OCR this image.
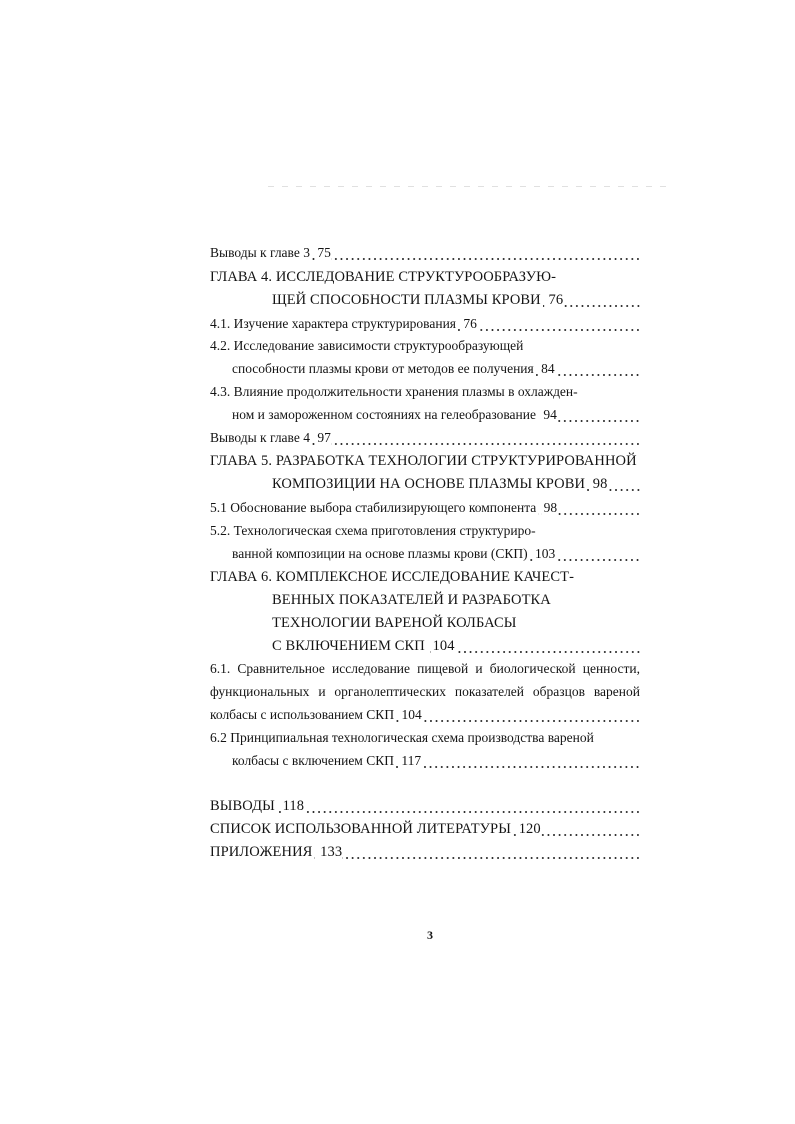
Выводы к главе 3 75
ГЛАВА 4. ИССЛЕДОВАНИЕ СТРУКТУРООБРАЗУЮ-
ЩЕЙ СПОСОБНОСТИ ПЛАЗМЫ КРОВИ 76
4.1. Изучение характера структурирования 76
4.2. Исследование зависимости структурообразующей
способности плазмы крови от методов ее получения 84
4.3. Влияние продолжительности хранения плазмы в охлажден-
ном и замороженном состояниях на гелеобразование 94
Выводы к главе 4 97
ГЛАВА 5. РАЗРАБОТКА ТЕХНОЛОГИИ СТРУКТУРИРОВАННОЙ
КОМПОЗИЦИИ НА ОСНОВЕ ПЛАЗМЫ КРОВИ 98
5.1 Обоснование выбора стабилизирующего компонента 98
5.2. Технологическая схема приготовления структуриро-
ванной композиции на основе плазмы крови (СКП) 103
ГЛАВА 6. КОМПЛЕКСНОЕ ИССЛЕДОВАНИЕ КАЧЕСТ-
ВЕННЫХ ПОКАЗАТЕЛЕЙ И РАЗРАБОТКА
ТЕХНОЛОГИИ ВАРЕНОЙ КОЛБАСЫ
С ВКЛЮЧЕНИЕМ СКП 104
6.1. Сравнительное исследование пищевой и биологической ценности,
функциональных и органолептических показателей образцов вареной
колбасы с использованием СКП 104
6.2 Принципиальная технологическая схема производства вареной
колбасы с включением СКП 117
ВЫВОДЫ 118
СПИСОК ИСПОЛЬЗОВАННОЙ ЛИТЕРАТУРЫ 120
ПРИЛОЖЕНИЯ 133
3
